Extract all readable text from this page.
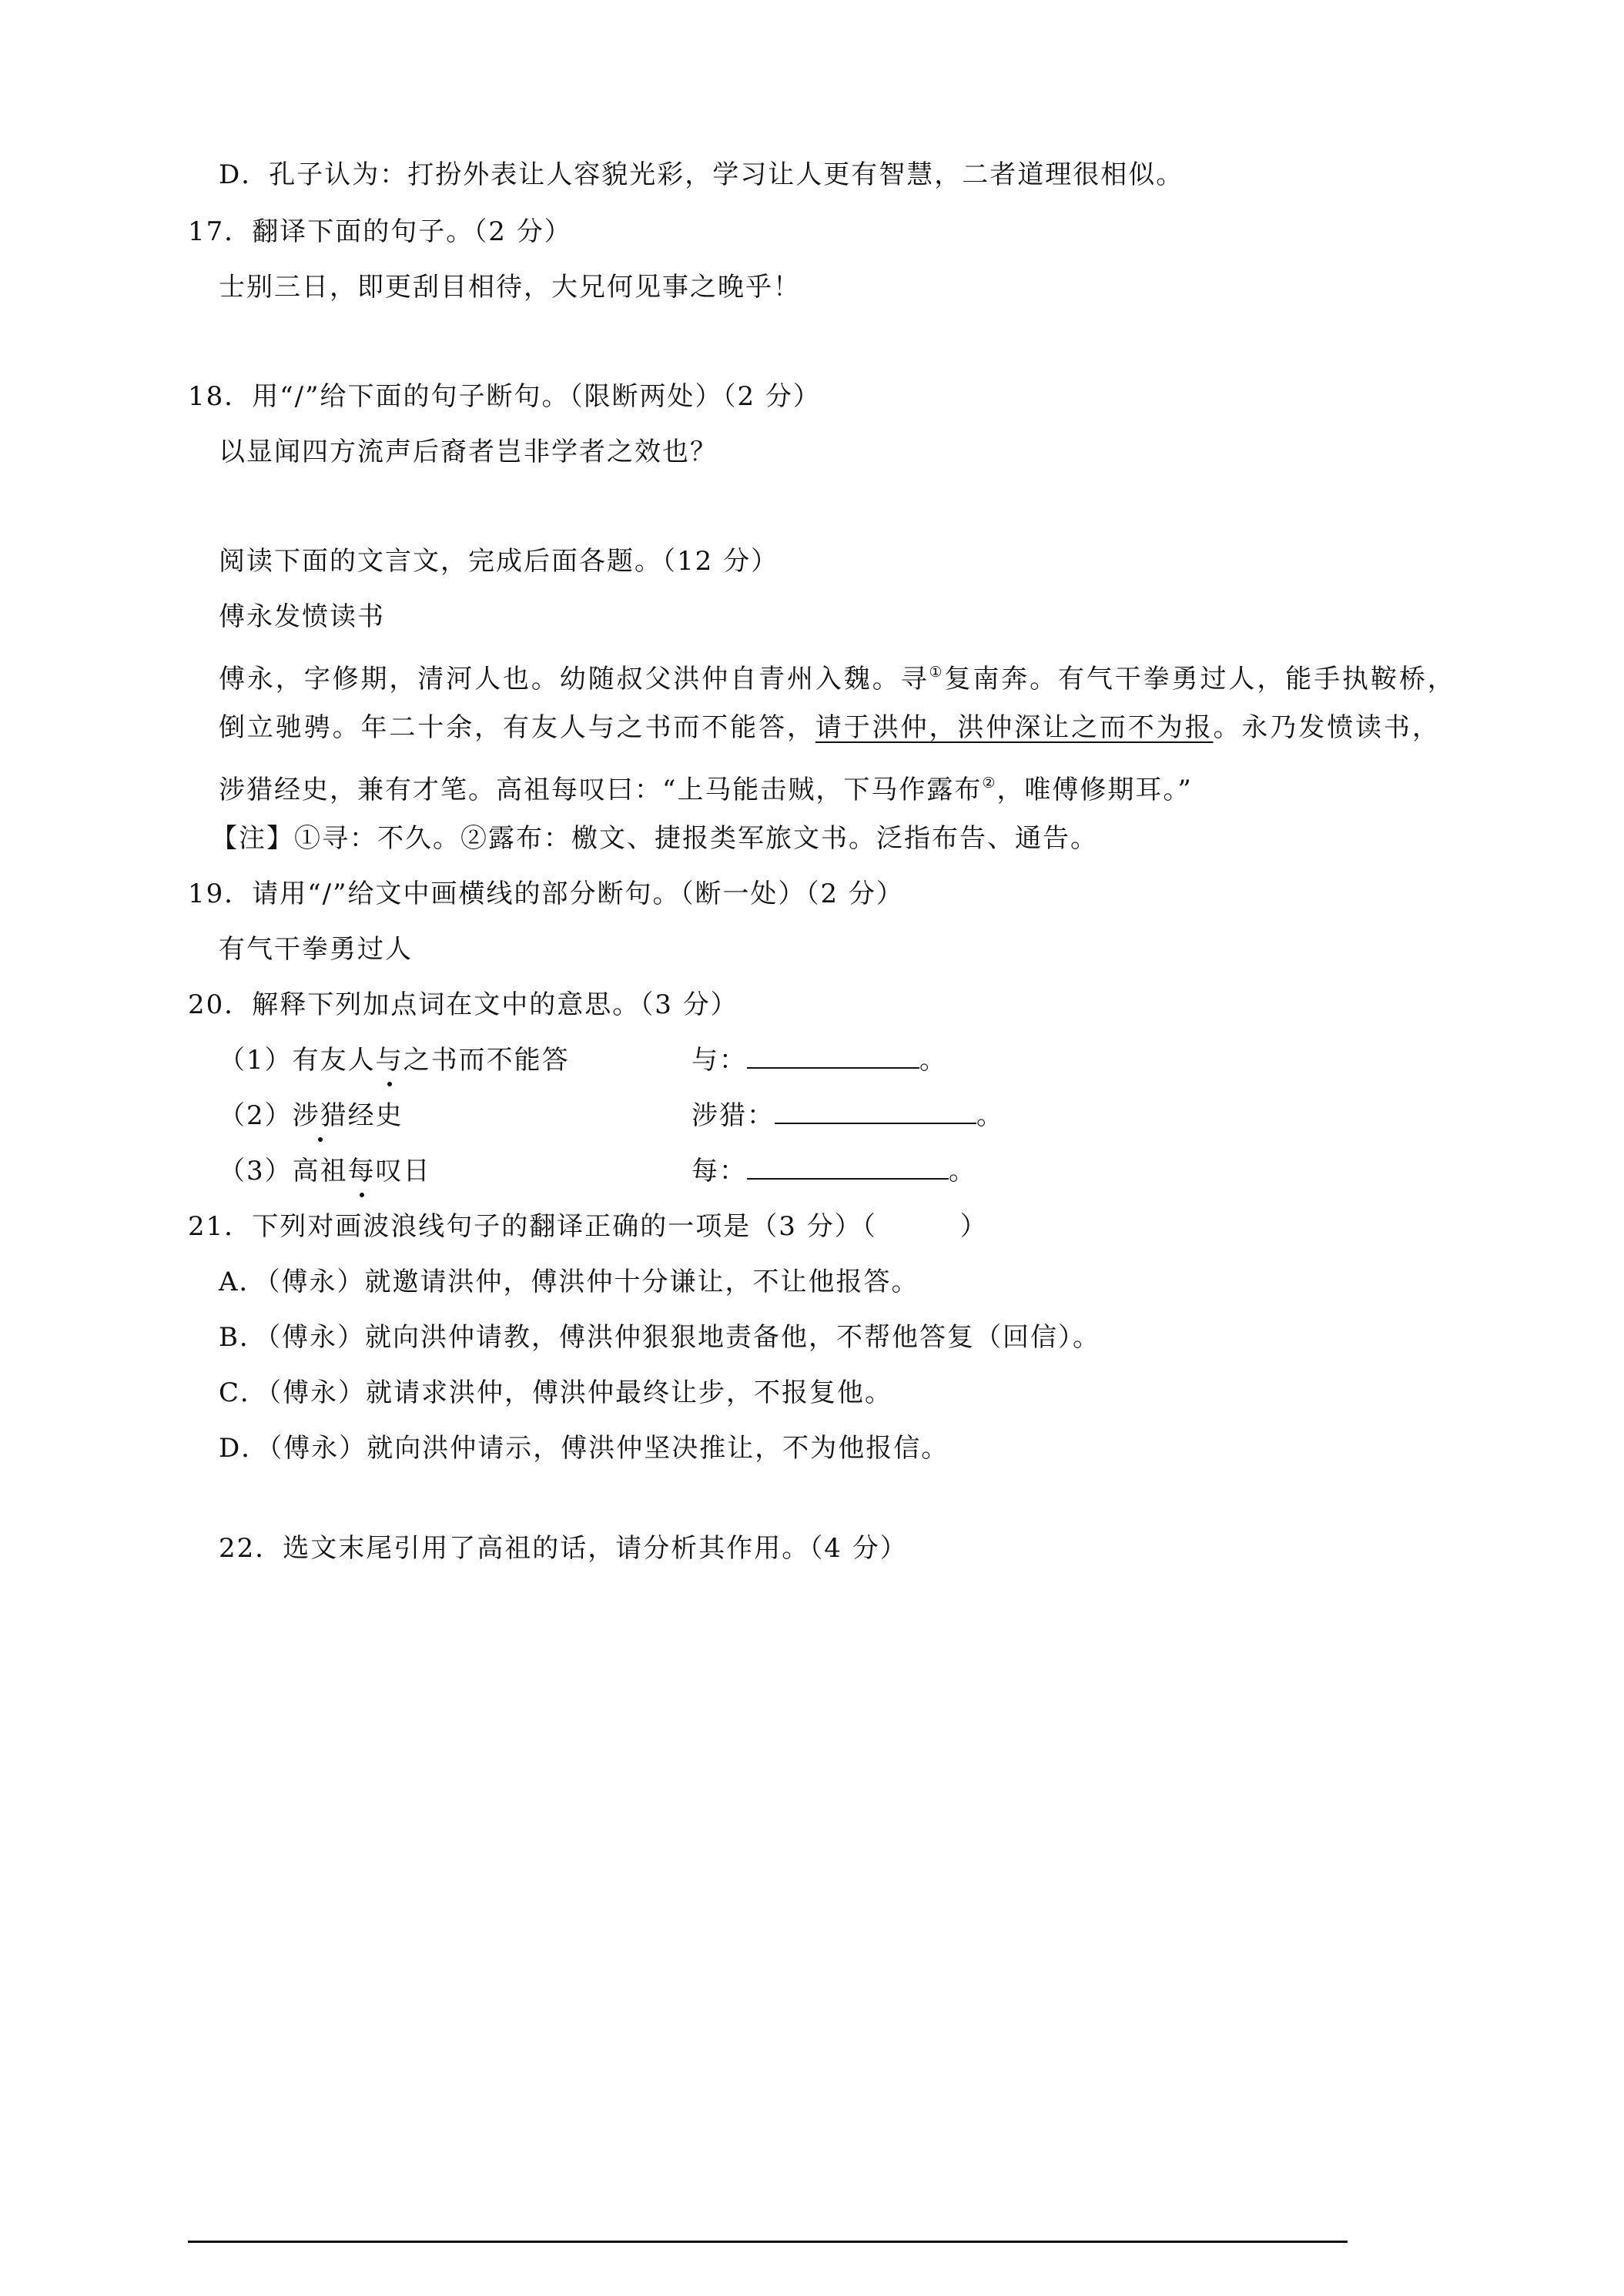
D．孔子认为：打扮外表让人容貌光彩，学习让人更有智慧，二者道理很相似。
17．翻译下面的句子。（2 分）
士别三日，即更刮目相待，大兄何见事之晚乎！
18．用“/”给下面的句子断句。（限断两处）（2 分）
以显闻四方流声后裔者岂非学者之效也？
阅读下面的文言文，完成后面各题。（12 分）
傅永发愤读书
傅永，字修期，清河人也。幼随叔父洪仲自青州入魏。寻①复南奔。有气干拳勇过人，能手执鞍桥，
倒立驰骋。年二十余，有友人与之书而不能答，请于洪仲，洪仲深让之而不为报。永乃发愤读书，
涉猎经史，兼有才笔。高祖每叹曰：“上马能击贼，下马作露布②，唯傅修期耳。”
【注】①寻：不久。②露布：檄文、捷报类军旅文书。泛指布告、通告。
19．请用“/”给文中画横线的部分断句。（断一处）（2 分）
有气干拳勇过人
20．解释下列加点词在文中的意思。（3 分）
（1）有友人与之书而不能答	与：	。
（2）涉猎经史	涉猎：	。
（3）高祖每叹日	每：	。
21．下列对画波浪线句子的翻译正确的一项是（3 分）（　　　）
A．（傅永）就邀请洪仲，傅洪仲十分谦让，不让他报答。
B．（傅永）就向洪仲请教，傅洪仲狠狠地责备他，不帮他答复（回信）。
C．（傅永）就请求洪仲，傅洪仲最终让步，不报复他。
D．（傅永）就向洪仲请示，傅洪仲坚决推让，不为他报信。
22．选文末尾引用了高祖的话，请分析其作用。（4 分）
